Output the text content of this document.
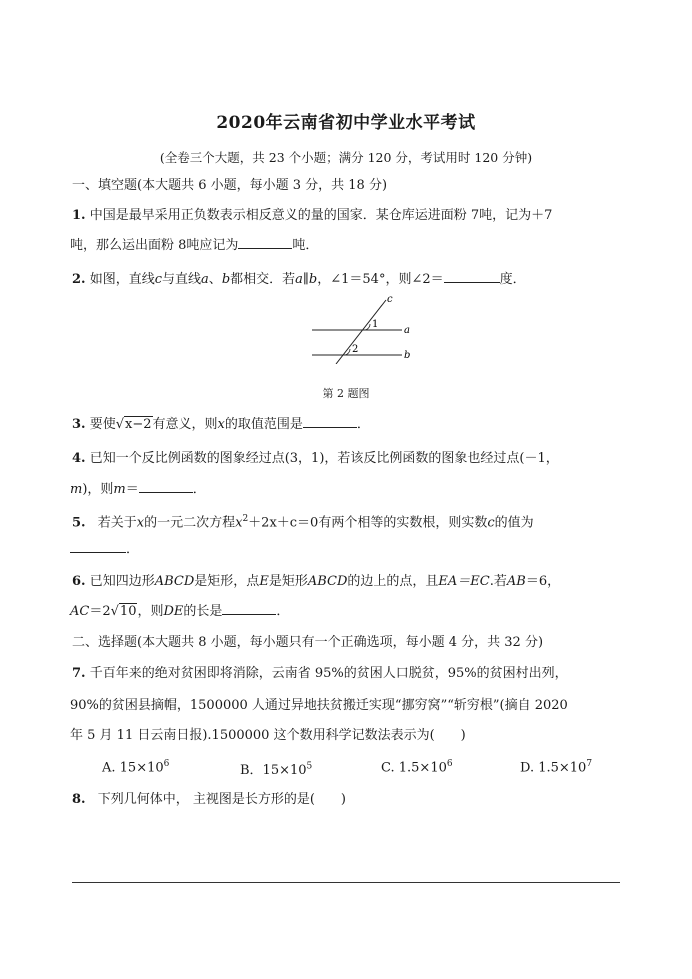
2020年云南省初中学业水平考试
(全卷三个大题，共 23 个小题；满分 120 分，考试用时 120 分钟)
一、填空题(本大题共 6 小题，每小题 3 分，共 18 分)
1. 中国是最早采用正负数表示相反意义的量的国家．某仓库运进面粉 7吨，记为＋7
吨，那么运出面粉 8吨应记为	吨．
2. 如图，直线c与直线a、b都相交．若a∥b，∠1＝54°，则∠2＝	度．
c
a
b
1
2
第 2 题图
3. 要使√x−2有意义，则x的取值范围是	．
4. 已知一个反比例函数的图象经过点(3，1)，若该反比例函数的图象也经过点(－1，
m)，则m＝	．
5. 若关于x的一元二次方程$x^2+2x+c=0$有两个相等的实数根，则实数c的值为
．
6. 已知四边形ABCD是矩形，点E是矩形ABCD的边上的点，且EA＝EC.若AB＝6，
AC＝2√10，则DE的长是	．
二、选择题(本大题共 8 小题，每小题只有一个正确选项，每小题 4 分，共 32 分)
7. 千百年来的绝对贫困即将消除，云南省 95%的贫困人口脱贫，95%的贫困村出列，
90%的贫困县摘帽，1500000 人通过异地扶贫搬迁实现“挪穷窝”“斩穷根”(摘自 2020
年 5 月 11 日云南日报).1500000 这个数用科学记数法表示为(　　)
A. $15\times 10^6$	B．$15\times 10^5$	C. $1.5\times 10^6$	D. $1.5\times 10^7$
8. 下列几何体中， 主视图是长方形的是(　　)
